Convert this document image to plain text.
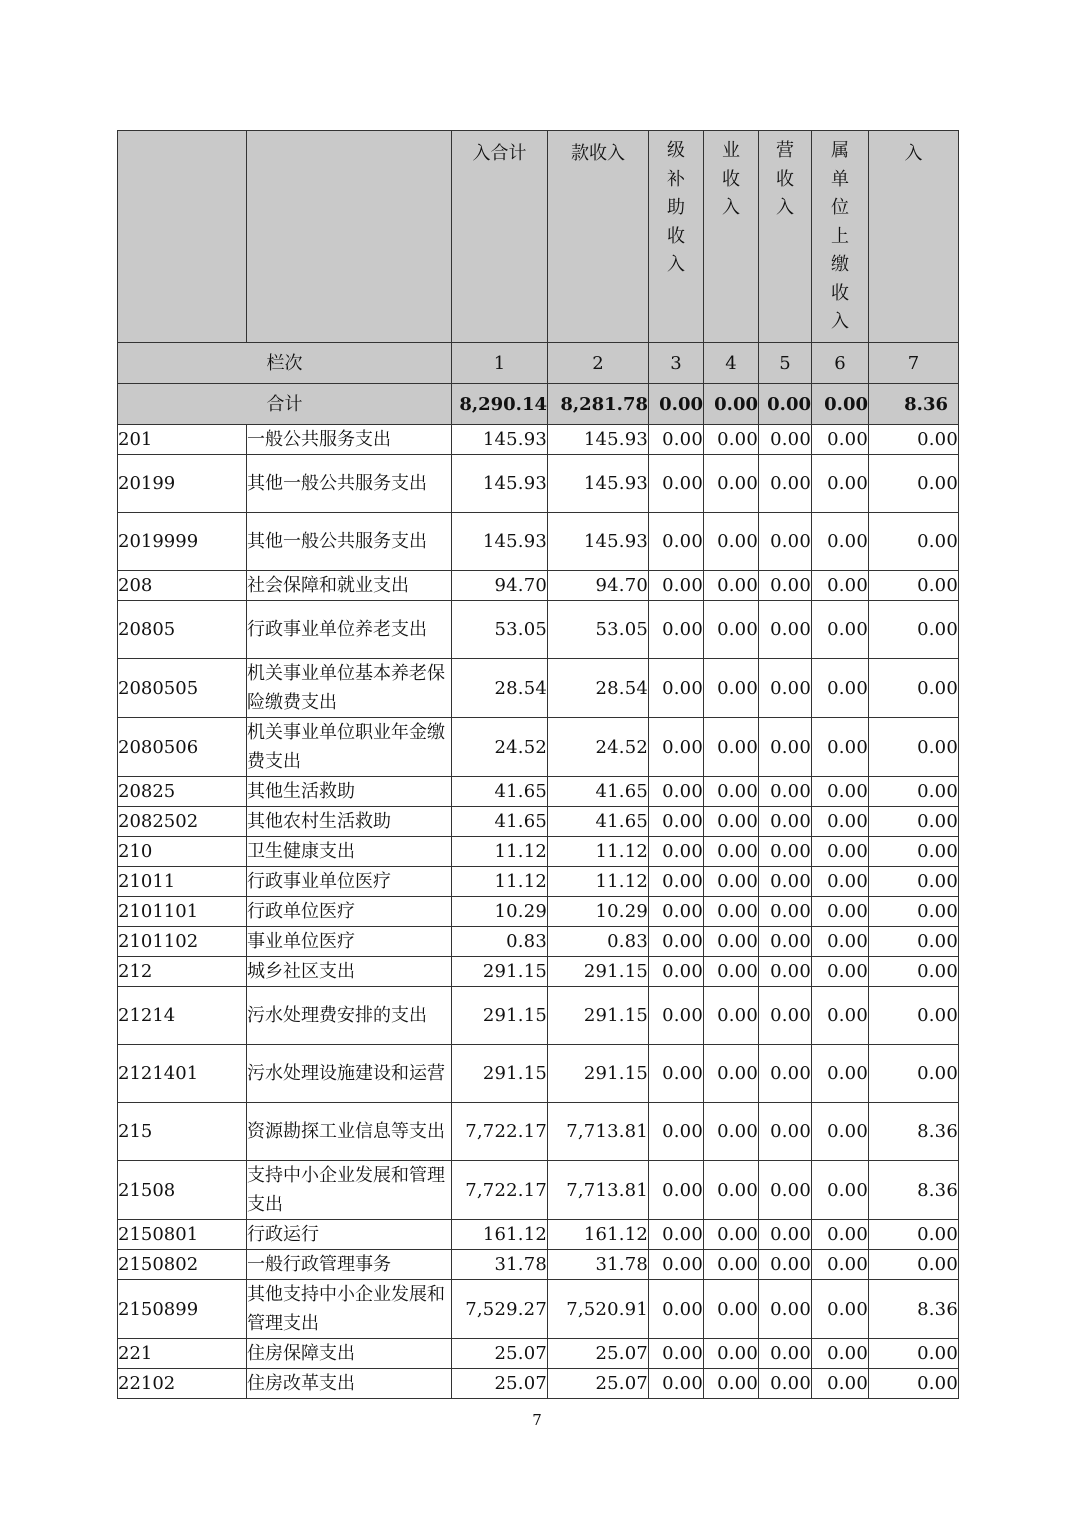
		入合计	款收入	级补助收入	业收入	营收入	属单位上缴收入	入

栏次		1	2	3	4	5	6	7
合计		8,290.14	8,281.78	0.00	0.00	0.00	0.00	8.36
201	一般公共服务支出	145.93	145.93	0.00	0.00	0.00	0.00	0.00
20199	其他一般公共服务支出	145.93	145.93	0.00	0.00	0.00	0.00	0.00
2019999	其他一般公共服务支出	145.93	145.93	0.00	0.00	0.00	0.00	0.00
208	社会保障和就业支出	94.70	94.70	0.00	0.00	0.00	0.00	0.00
20805	行政事业单位养老支出	53.05	53.05	0.00	0.00	0.00	0.00	0.00
2080505	机关事业单位基本养老保险缴费支出	28.54	28.54	0.00	0.00	0.00	0.00	0.00
2080506	机关事业单位职业年金缴费支出	24.52	24.52	0.00	0.00	0.00	0.00	0.00
20825	其他生活救助	41.65	41.65	0.00	0.00	0.00	0.00	0.00
2082502	其他农村生活救助	41.65	41.65	0.00	0.00	0.00	0.00	0.00
210	卫生健康支出	11.12	11.12	0.00	0.00	0.00	0.00	0.00
21011	行政事业单位医疗	11.12	11.12	0.00	0.00	0.00	0.00	0.00
2101101	行政单位医疗	10.29	10.29	0.00	0.00	0.00	0.00	0.00
2101102	事业单位医疗	0.83	0.83	0.00	0.00	0.00	0.00	0.00
212	城乡社区支出	291.15	291.15	0.00	0.00	0.00	0.00	0.00
21214	污水处理费安排的支出	291.15	291.15	0.00	0.00	0.00	0.00	0.00
2121401	污水处理设施建设和运营	291.15	291.15	0.00	0.00	0.00	0.00	0.00
215	资源勘探工业信息等支出	7,722.17	7,713.81	0.00	0.00	0.00	0.00	8.36
21508	支持中小企业发展和管理支出	7,722.17	7,713.81	0.00	0.00	0.00	0.00	8.36
2150801	行政运行	161.12	161.12	0.00	0.00	0.00	0.00	0.00
2150802	一般行政管理事务	31.78	31.78	0.00	0.00	0.00	0.00	0.00
2150899	其他支持中小企业发展和管理支出	7,529.27	7,520.91	0.00	0.00	0.00	0.00	8.36
221	住房保障支出	25.07	25.07	0.00	0.00	0.00	0.00	0.00
22102	住房改革支出	25.07	25.07	0.00	0.00	0.00	0.00	0.00
7
